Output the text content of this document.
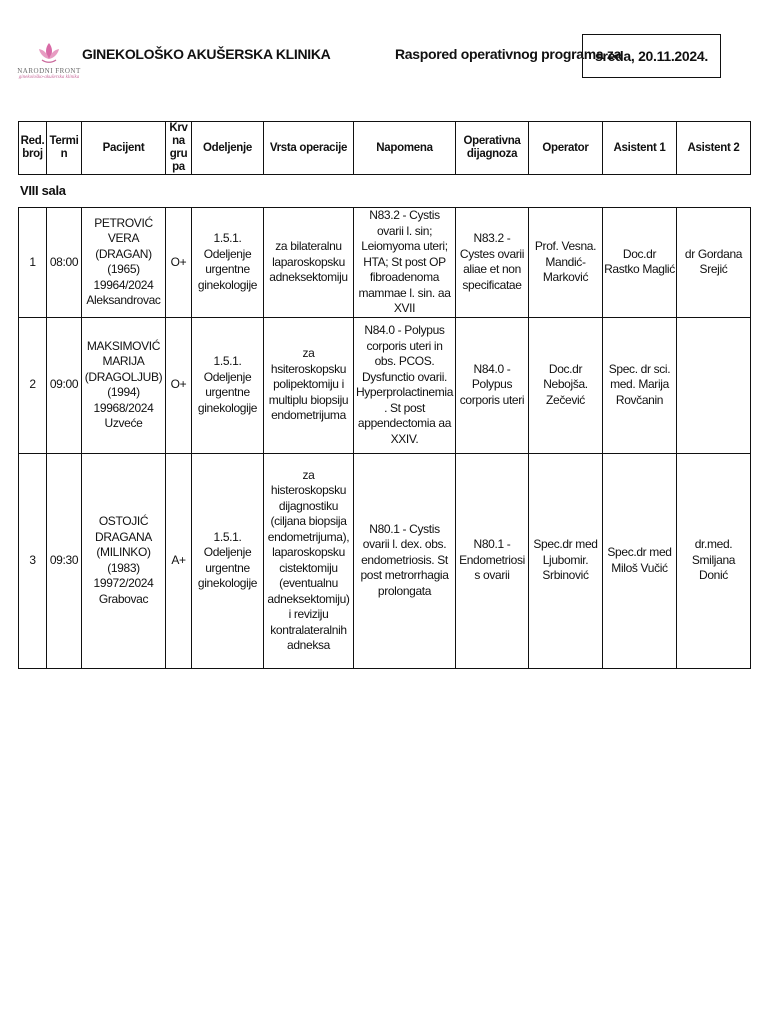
NARODNI FRONT
ginekološko-akušerska klinika
GINEKOLOŠKO AKUŠERSKA KLINIKA	Raspored operativnog programa za
sreda, 20.11.2024.
Red. broj	Termin	Pacijent	Krvna grupa	Odeljenje	Vrsta operacije	Napomena	Operativna dijagnoza	Operator	Asistent 1	Asistent 2
VIII sala
1	08:00	PETROVIĆ VERA (DRAGAN)(1965) 19964/2024 Aleksandrovac	O+	1.5.1. Odeljenje urgentne ginekologije	za bilateralnu laparoskopsku adneksektomiju	N83.2 - Cystis ovarii l. sin; Leiomyoma uteri; HTA; St post OP fibroadenoma mammae l. sin. aa XVII	N83.2 - Cystes ovarii aliae et non specificatae	Prof. Vesna. Mandić-Marković	Doc.dr Rastko Maglić	dr Gordana Srejić
2	09:00	MAKSIMOVIĆ MARIJA (DRAGOLJUB) (1994) 19968/2024 Uzveće	O+	1.5.1. Odeljenje urgentne ginekologije	za hsiteroskopsku polipektomiju i multiplu biopsiju endometrijuma	N84.0 - Polypus corporis uteri in obs. PCOS. Dysfunctio ovarii. Hyperprolactinemia. St post appendectomia aa XXIV.	N84.0 - Polypus corporis uteri	Doc.dr Nebojša. Zečević	Spec. dr sci. med. Marija Rovčanin	
3	09:30	OSTOJIĆ DRAGANA (MILINKO)(1983) 19972/2024 Grabovac	A+	1.5.1. Odeljenje urgentne ginekologije	za histeroskopsku dijagnostiku (ciljana biopsija endometrijuma), laparoskopsku cistektomiju (eventualnu adneksektomiju) i reviziju kontralateralnih adneksa	N80.1 - Cystis ovarii l. dex. obs. endometriosis. St post metrorrhagia prolongata	N80.1 - Endometriosis ovarii	Spec.dr med Ljubomir. Srbinović	Spec.dr med Miloš Vučić	dr.med. Smiljana Donić
